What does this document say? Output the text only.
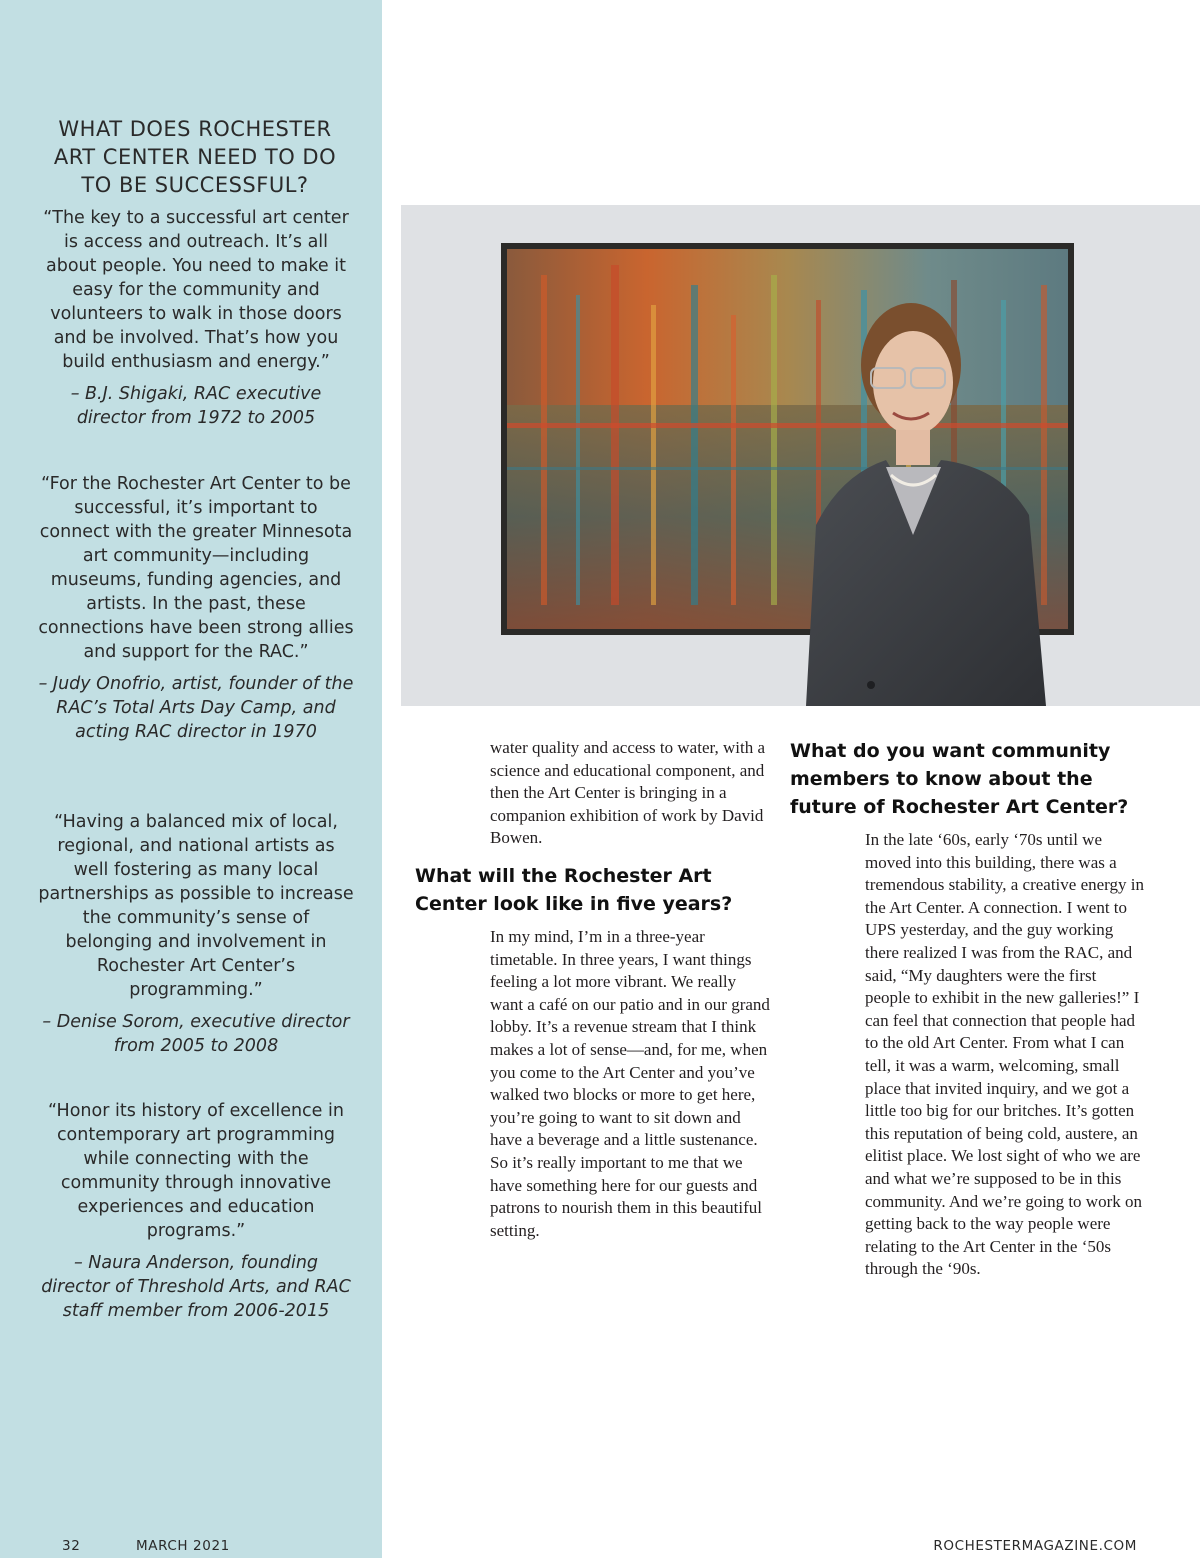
WHAT DOES ROCHESTER ART CENTER NEED TO DO TO BE SUCCESSFUL?

“The key to a successful art center is access and outreach. It’s all about people. You need to make it easy for the community and volunteers to walk in those doors and be involved. That’s how you build enthusiasm and energy.”

– B.J. Shigaki, RAC executive director from 1972 to 2005

“For the Rochester Art Center to be successful, it’s important to connect with the greater Minnesota art community—including museums, funding agencies, and artists. In the past, these connections have been strong allies and support for the RAC.”

– Judy Onofrio, artist, founder of the RAC’s Total Arts Day Camp, and acting RAC director in 1970

“Having a balanced mix of local, regional, and national artists as well fostering as many local partnerships as possible to increase the community’s sense of belonging and involvement in Rochester Art Center’s programming.”

– Denise Sorom, executive director from 2005 to 2008

“Honor its history of excellence in contemporary art programming while connecting with the community through innovative experiences and education programs.”

– Naura Anderson, founding director of Threshold Arts, and RAC staff member from 2006-2015

water quality and access to water, with a science and educational component, and then the Art Center is bringing in a companion exhibition of work by David Bowen.

What will the Rochester Art Center look like in five years?

In my mind, I’m in a three-year timetable. In three years, I want things feeling a lot more vibrant. We really want a café on our patio and in our grand lobby. It’s a revenue stream that I think makes a lot of sense—and, for me, when you come to the Art Center and you’ve walked two blocks or more to get here, you’re going to want to sit down and have a beverage and a little sustenance. So it’s really important to me that we have something here for our guests and patrons to nourish them in this beautiful setting.

What do you want community members to know about the future of Rochester Art Center?

In the late ‘60s, early ‘70s until we moved into this building, there was a tremendous stability, a creative energy in the Art Center. A connection. I went to UPS yesterday, and the guy working there realized I was from the RAC, and said, “My daughters were the first people to exhibit in the new galleries!” I can feel that connection that people had to the old Art Center. From what I can tell, it was a warm, welcoming, small place that invited inquiry, and we got a little too big for our britches. It’s gotten this reputation of being cold, austere, an elitist place. We lost sight of who we are and what we’re supposed to be in this community. And we’re going to work on getting back to the way people were relating to the Art Center in the ‘50s through the ‘90s.

32	MARCH 2021	ROCHESTERMAGAZINE.COM
